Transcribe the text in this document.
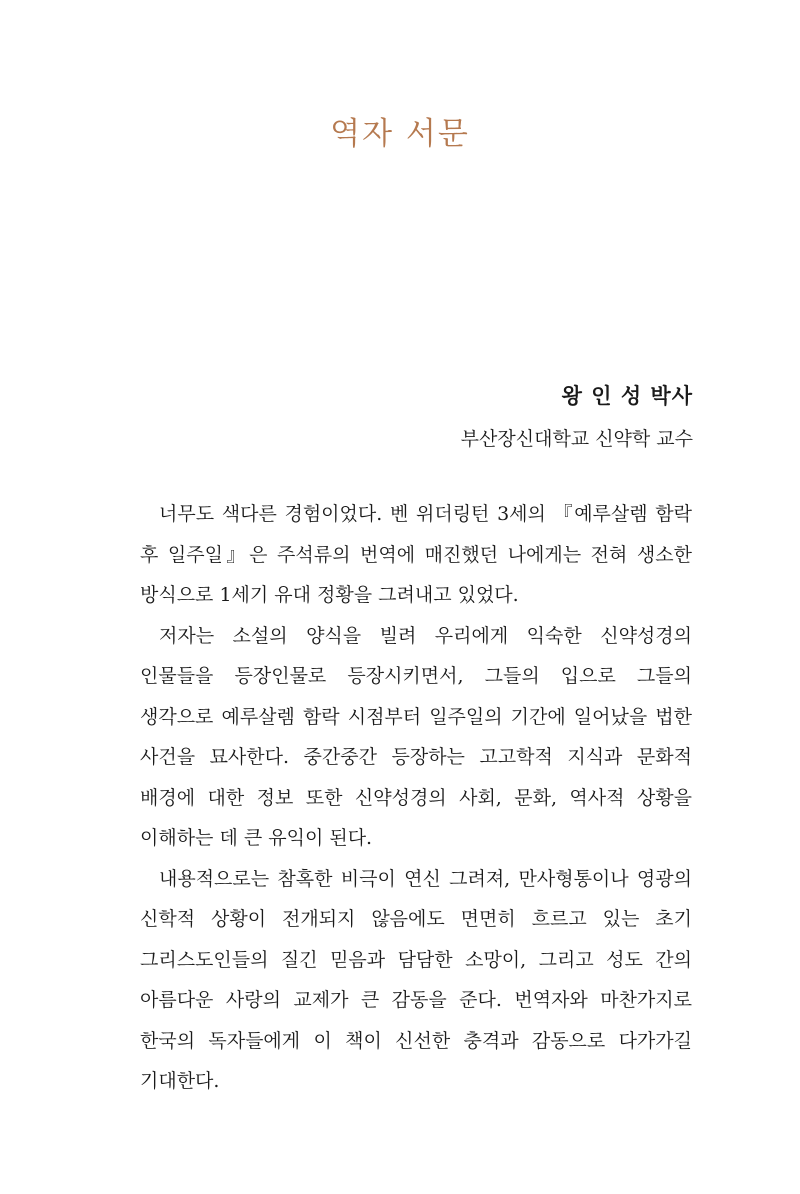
역자 서문

왕 인 성 박사

부산장신대학교 신약학 교수

너무도 색다른 경험이었다. 벤 위더링턴 3세의 『예루살렘 함락 후 일주일』은 주석류의 번역에 매진했던 나에게는 전혀 생소한 방식으로 1세기 유대 정황을 그려내고 있었다.

저자는 소설의 양식을 빌려 우리에게 익숙한 신약성경의 인물들을 등장인물로 등장시키면서, 그들의 입으로 그들의 생각으로 예루살렘 함락 시점부터 일주일의 기간에 일어났을 법한 사건을 묘사한다. 중간중간 등장하는 고고학적 지식과 문화적 배경에 대한 정보 또한 신약성경의 사회, 문화, 역사적 상황을 이해하는 데 큰 유익이 된다.

내용적으로는 참혹한 비극이 연신 그려져, 만사형통이나 영광의 신학적 상황이 전개되지 않음에도 면면히 흐르고 있는 초기 그리스도인들의 질긴 믿음과 담담한 소망이, 그리고 성도 간의 아름다운 사랑의 교제가 큰 감동을 준다. 번역자와 마찬가지로 한국의 독자들에게 이 책이 신선한 충격과 감동으로 다가가길 기대한다.
